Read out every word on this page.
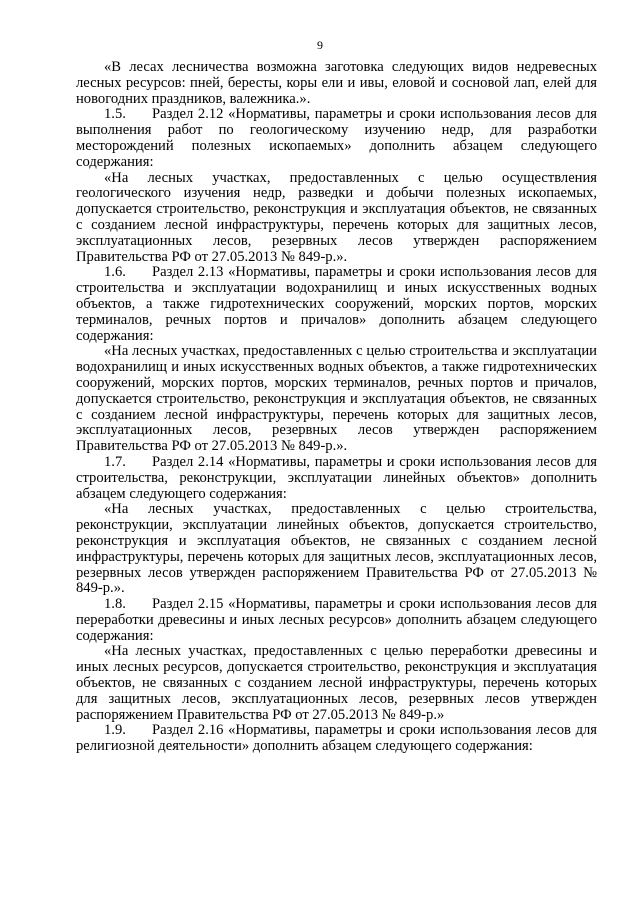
9

«В лесах лесничества возможна заготовка следующих видов недревесных лесных ресурсов: пней, бересты, коры ели и ивы, еловой и сосновой лап, елей для новогодних праздников, валежника.».

1.5. Раздел 2.12 «Нормативы, параметры и сроки использования лесов для выполнения работ по геологическому изучению недр, для разработки месторождений полезных ископаемых» дополнить абзацем следующего содержания:

«На лесных участках, предоставленных с целью осуществления геологического изучения недр, разведки и добычи полезных ископаемых, допускается строительство, реконструкция и эксплуатация объектов, не связанных с созданием лесной инфраструктуры, перечень которых для защитных лесов, эксплуатационных лесов, резервных лесов утвержден распоряжением Правительства РФ от 27.05.2013 № 849-р.».

1.6. Раздел 2.13 «Нормативы, параметры и сроки использования лесов для строительства и эксплуатации водохранилищ и иных искусственных водных объектов, а также гидротехнических сооружений, морских портов, морских терминалов, речных портов и причалов» дополнить абзацем следующего содержания:

«На лесных участках, предоставленных с целью строительства и эксплуатации водохранилищ и иных искусственных водных объектов, а также гидротехнических сооружений, морских портов, морских терминалов, речных портов и причалов, допускается строительство, реконструкция и эксплуатация объектов, не связанных с созданием лесной инфраструктуры, перечень которых для защитных лесов, эксплуатационных лесов, резервных лесов утвержден распоряжением Правительства РФ от 27.05.2013 № 849-р.».

1.7. Раздел 2.14 «Нормативы, параметры и сроки использования лесов для строительства, реконструкции, эксплуатации линейных объектов» дополнить абзацем следующего содержания:

«На лесных участках, предоставленных с целью строительства, реконструкции, эксплуатации линейных объектов, допускается строительство, реконструкция и эксплуатация объектов, не связанных с созданием лесной инфраструктуры, перечень которых для защитных лесов, эксплуатационных лесов, резервных лесов утвержден распоряжением Правительства РФ от 27.05.2013 № 849-р.».

1.8. Раздел 2.15 «Нормативы, параметры и сроки использования лесов для переработки древесины и иных лесных ресурсов» дополнить абзацем следующего содержания:

«На лесных участках, предоставленных с целью переработки древесины и иных лесных ресурсов, допускается строительство, реконструкция и эксплуатация объектов, не связанных с созданием лесной инфраструктуры, перечень которых для защитных лесов, эксплуатационных лесов, резервных лесов утвержден распоряжением Правительства РФ от 27.05.2013 № 849-р.»

1.9. Раздел 2.16 «Нормативы, параметры и сроки использования лесов для религиозной деятельности» дополнить абзацем следующего содержания:
